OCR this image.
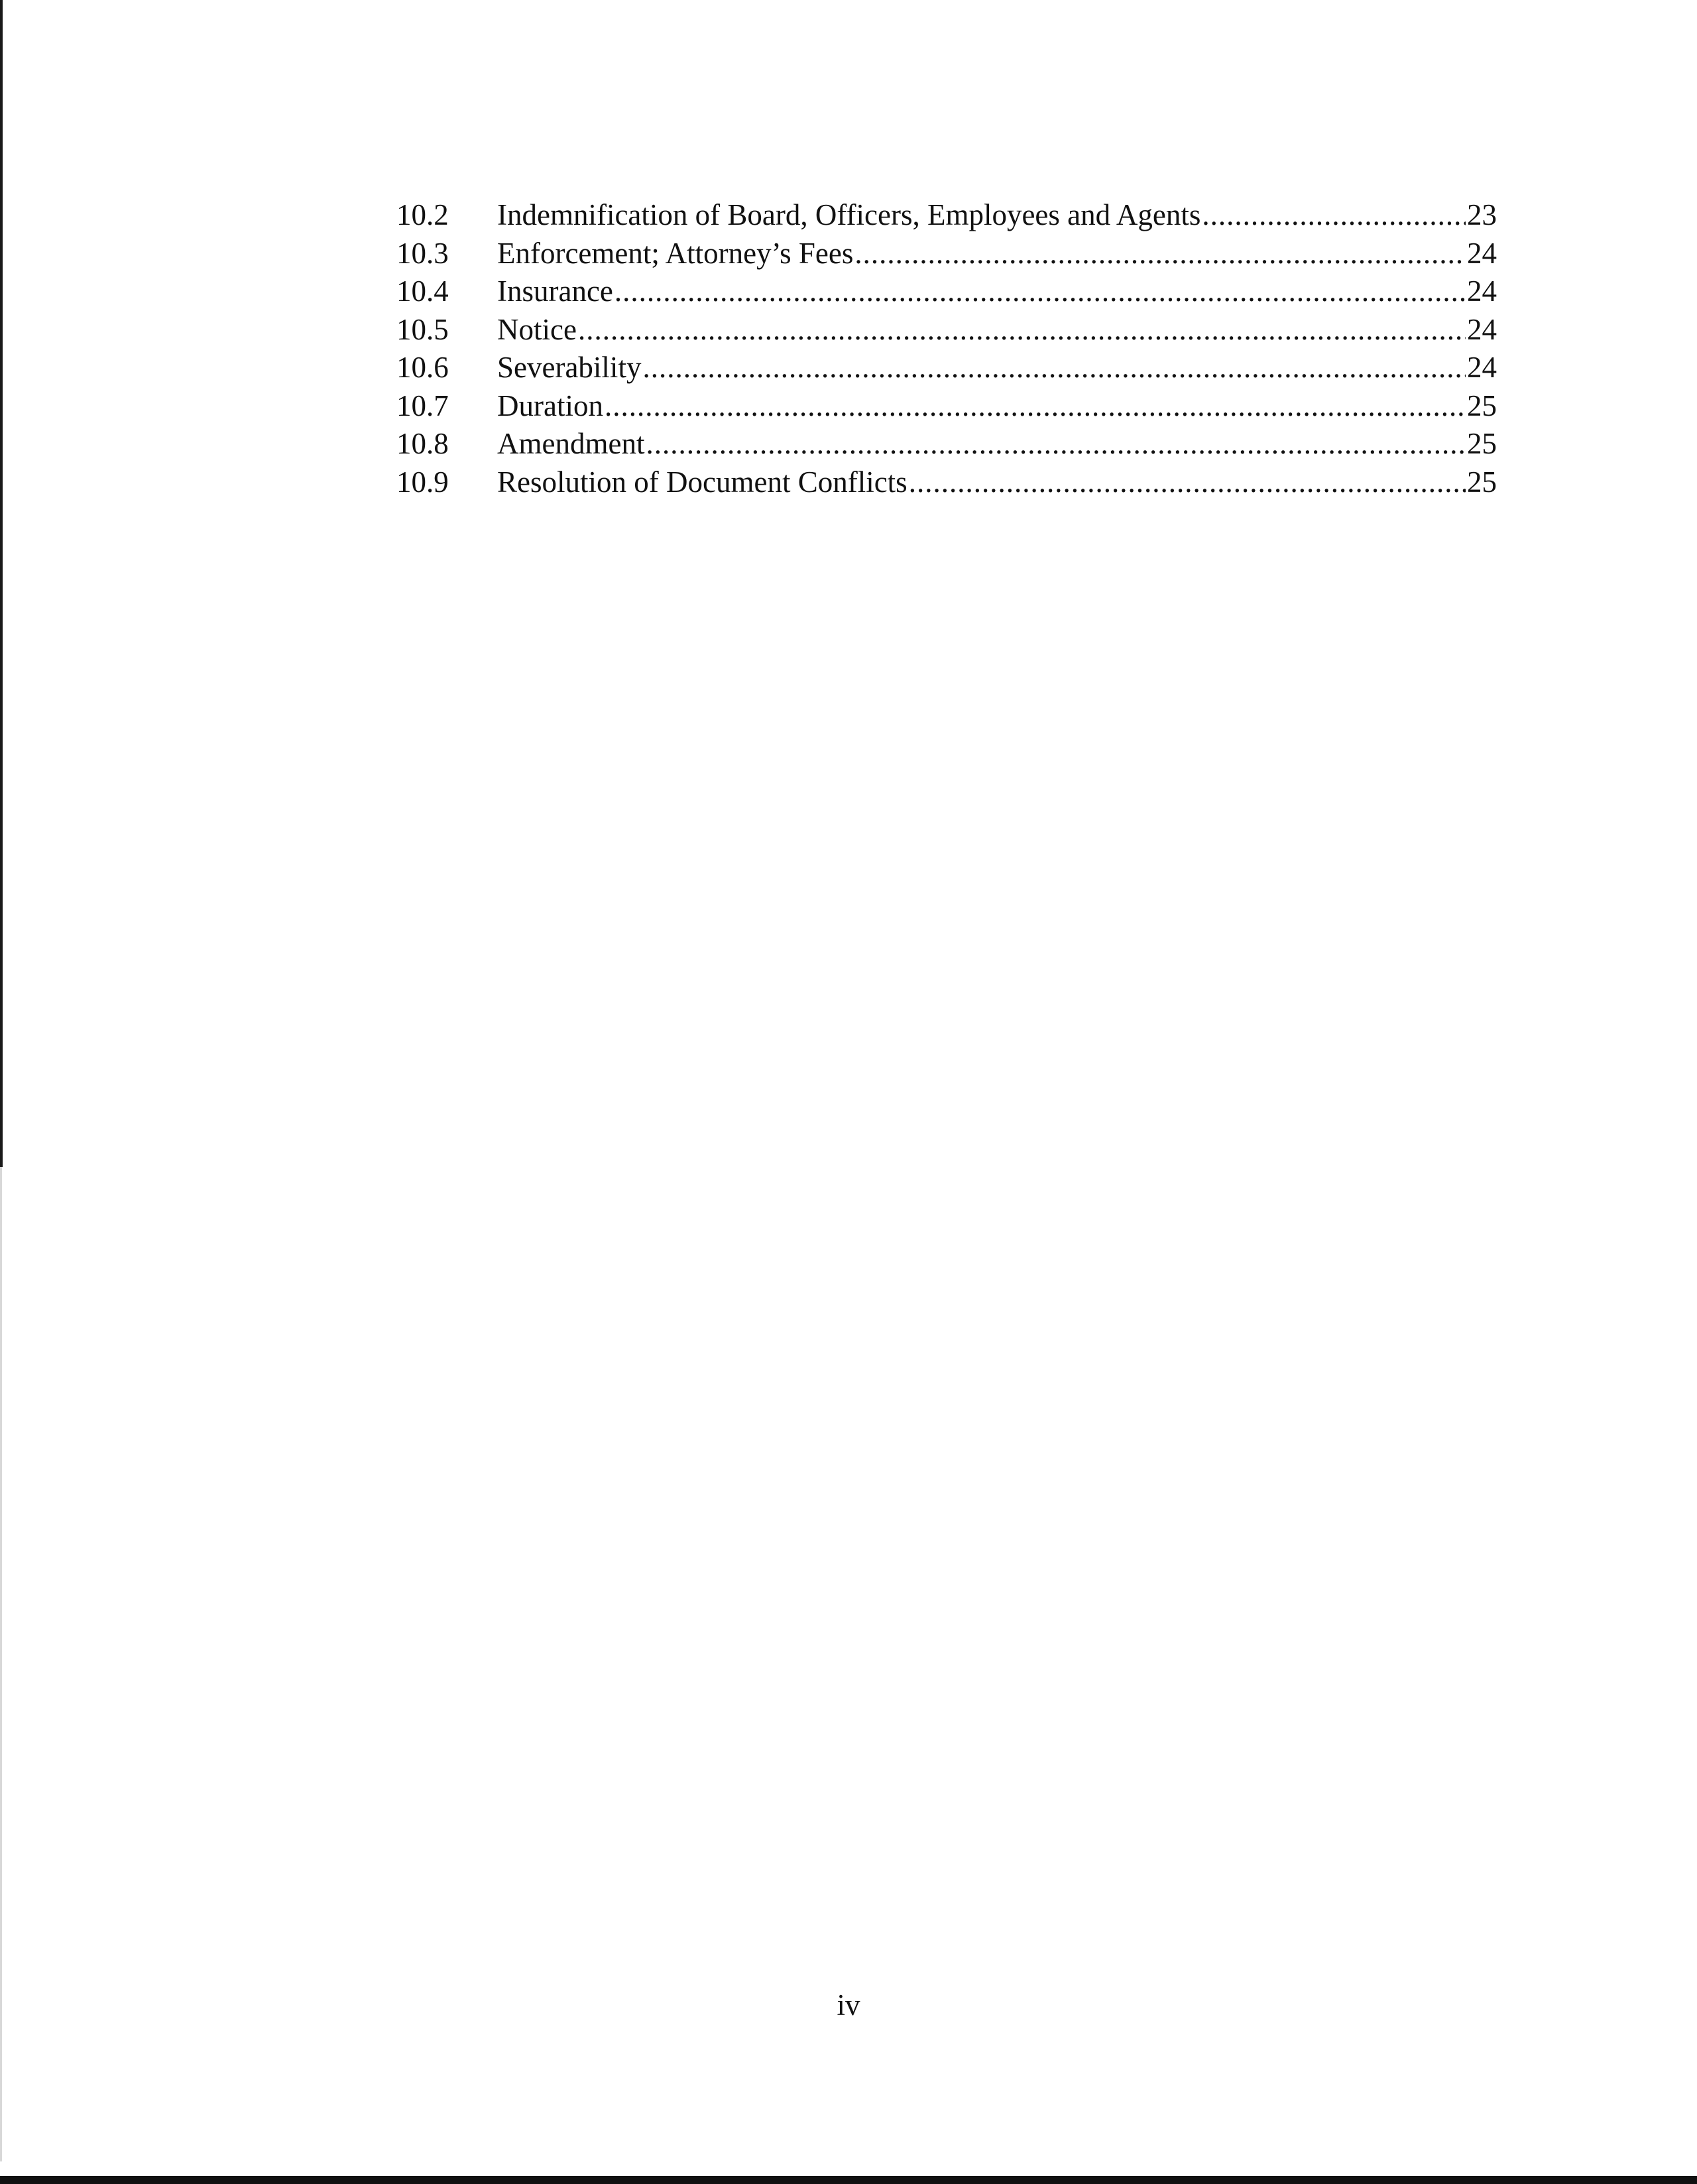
10.2	Indemnification of Board, Officers, Employees and Agents .....	23
10.3	Enforcement; Attorney’s Fees .....	24
10.4	Insurance .....	24
10.5	Notice .....	24
10.6	Severability .....	24
10.7	Duration .....	25
10.8	Amendment .....	25
10.9	Resolution of Document Conflicts .....	25
iv
